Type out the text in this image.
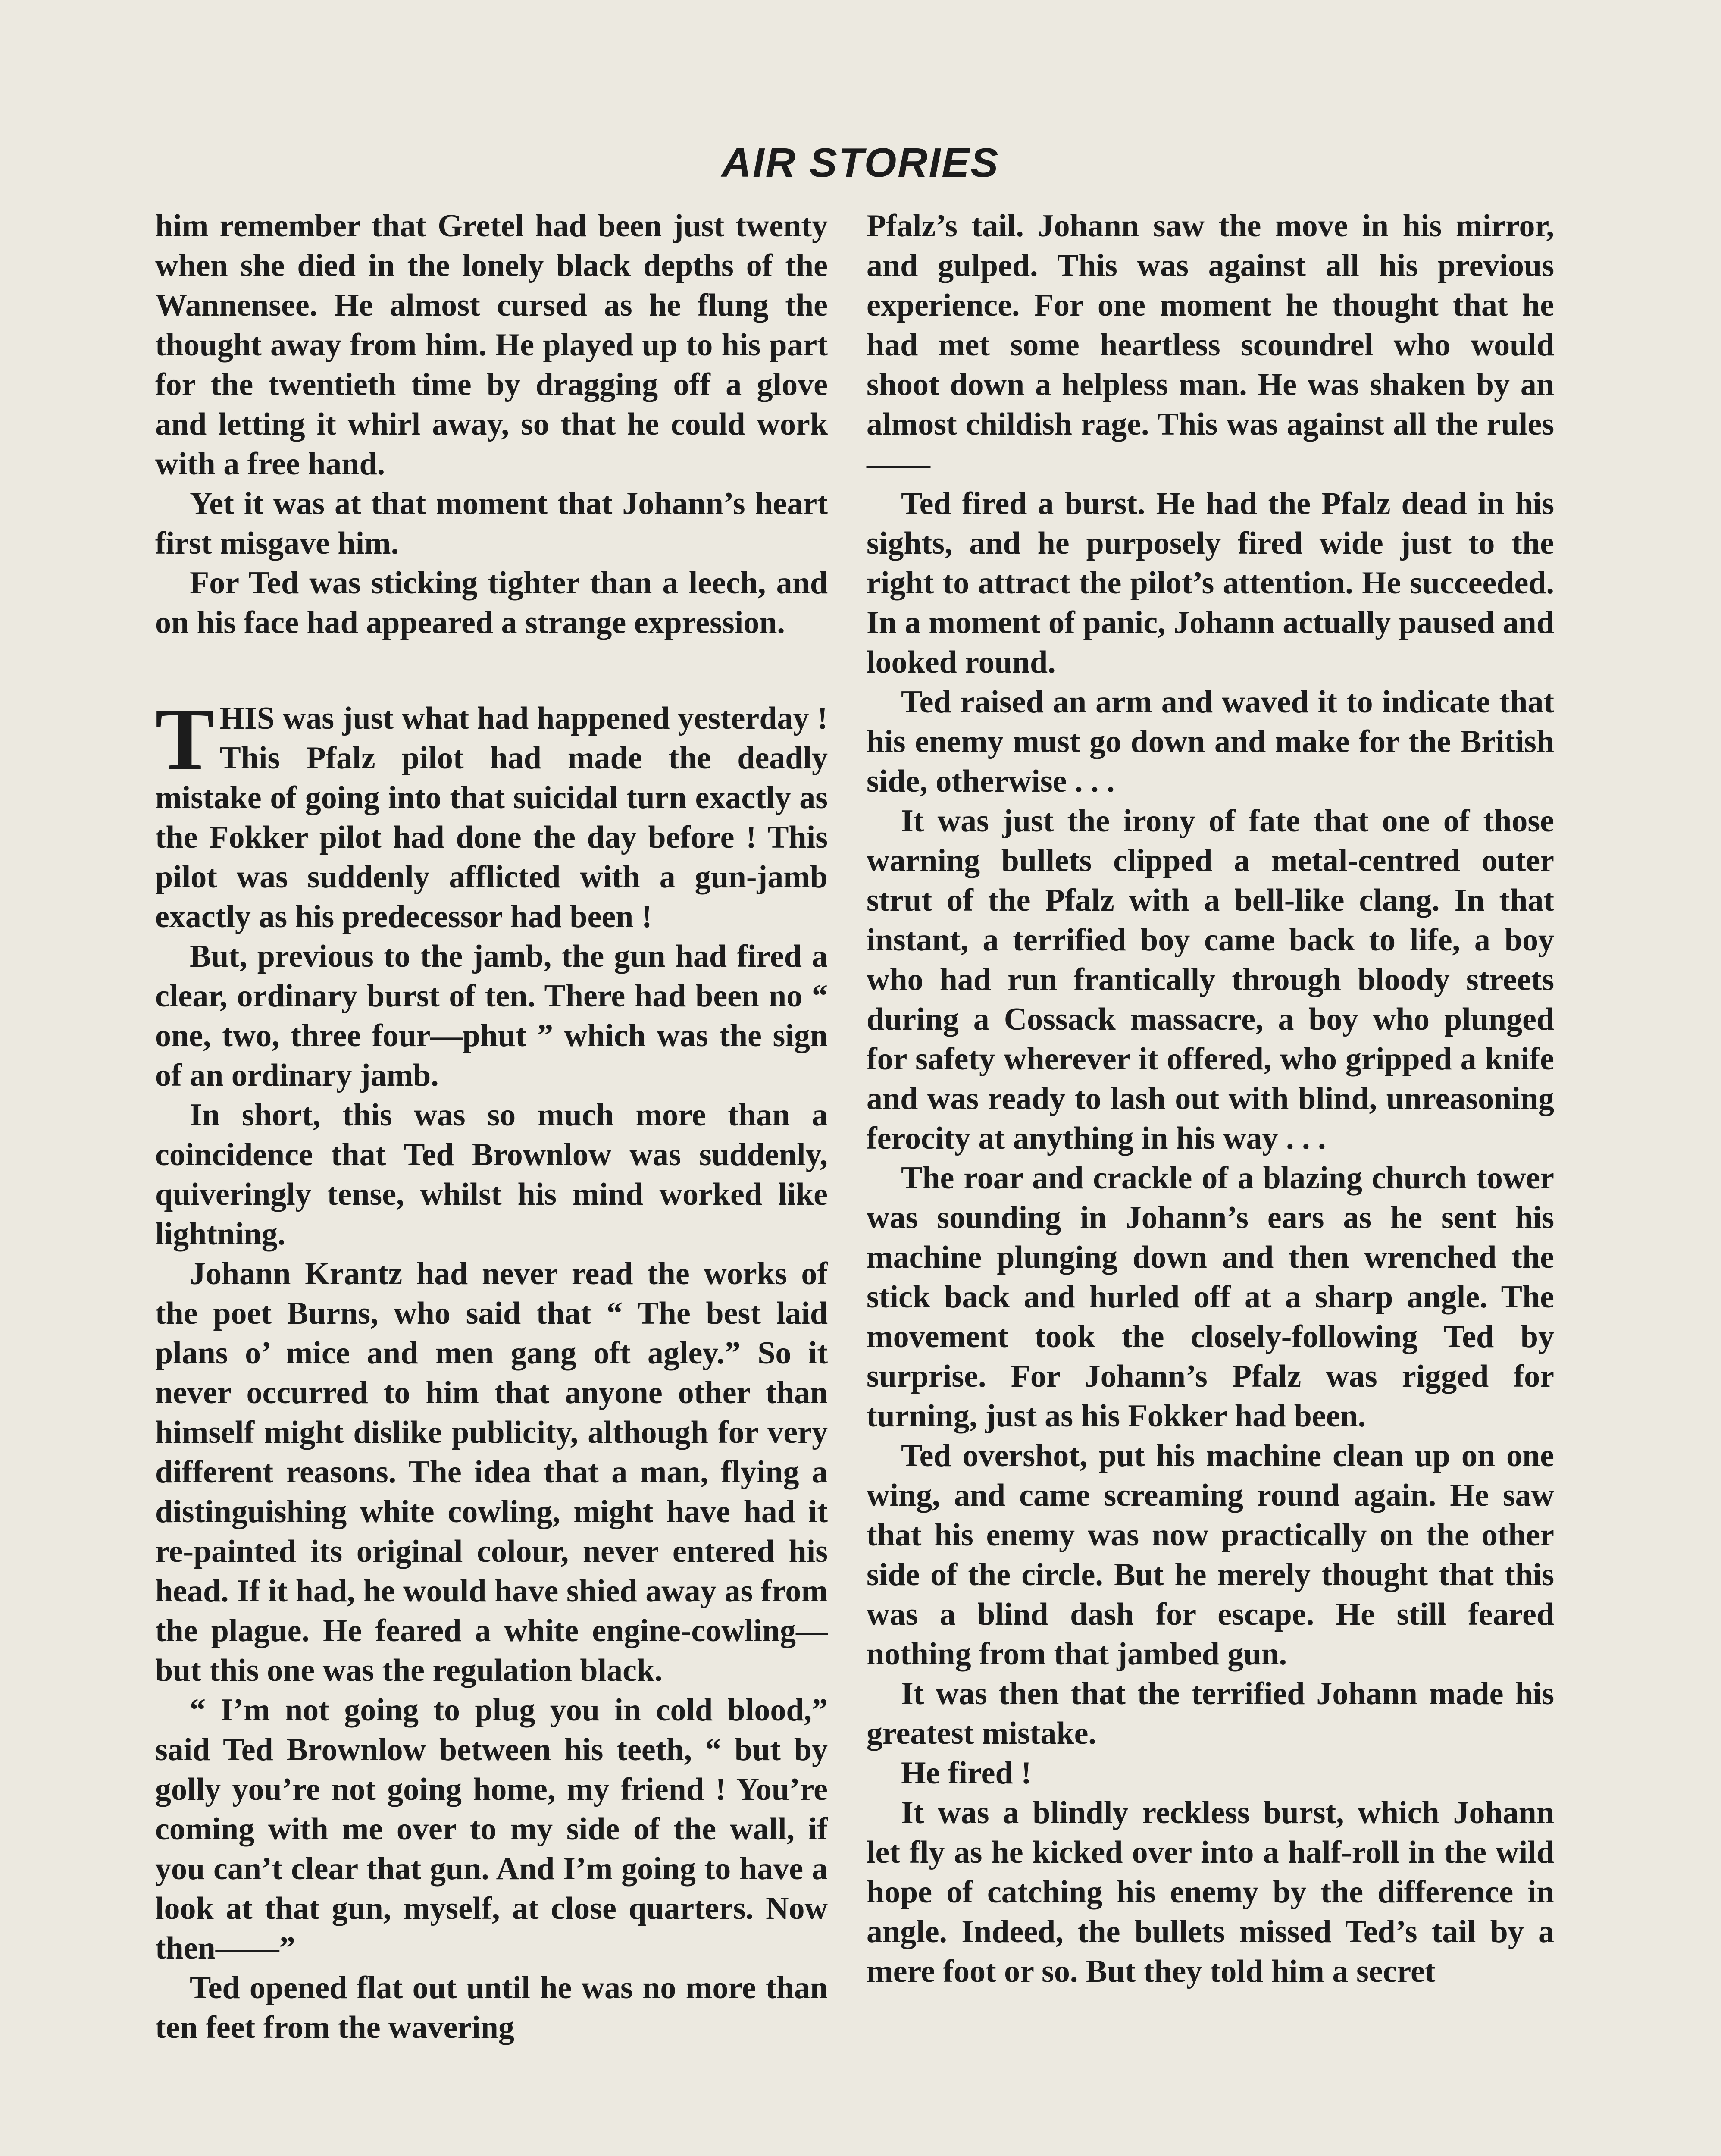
AIR STORIES

him remember that Gretel had been just twenty when she died in the lonely black depths of the Wannensee. He almost cursed as he flung the thought away from him. He played up to his part for the twentieth time by dragging off a glove and letting it whirl away, so that he could work with a free hand.

Yet it was at that moment that Johann’s heart first misgave him.

For Ted was sticking tighter than a leech, and on his face had appeared a strange expression.

THIS was just what had happened yesterday ! This Pfalz pilot had made the deadly mistake of going into that suicidal turn exactly as the Fokker pilot had done the day before ! This pilot was suddenly afflicted with a gun-jamb exactly as his predecessor had been !

But, previous to the jamb, the gun had fired a clear, ordinary burst of ten. There had been no “ one, two, three four—phut ” which was the sign of an ordinary jamb.

In short, this was so much more than a coincidence that Ted Brownlow was suddenly, quiveringly tense, whilst his mind worked like lightning.

Johann Krantz had never read the works of the poet Burns, who said that “ The best laid plans o’ mice and men gang oft agley.” So it never occurred to him that anyone other than himself might dislike publicity, although for very different reasons. The idea that a man, flying a distinguishing white cowling, might have had it re-painted its original colour, never entered his head. If it had, he would have shied away as from the plague. He feared a white engine-cowling—but this one was the regulation black.

“ I’m not going to plug you in cold blood,” said Ted Brownlow between his teeth, “ but by golly you’re not going home, my friend ! You’re coming with me over to my side of the wall, if you can’t clear that gun. And I’m going to have a look at that gun, myself, at close quarters. Now then——”

Ted opened flat out until he was no more than ten feet from the wavering

Pfalz’s tail. Johann saw the move in his mirror, and gulped. This was against all his previous experience. For one moment he thought that he had met some heartless scoundrel who would shoot down a helpless man. He was shaken by an almost childish rage. This was against all the rules——

Ted fired a burst. He had the Pfalz dead in his sights, and he purposely fired wide just to the right to attract the pilot’s attention. He succeeded. In a moment of panic, Johann actually paused and looked round.

Ted raised an arm and waved it to indicate that his enemy must go down and make for the British side, otherwise . . .

It was just the irony of fate that one of those warning bullets clipped a metal-centred outer strut of the Pfalz with a bell-like clang. In that instant, a terrified boy came back to life, a boy who had run frantically through bloody streets during a Cossack massacre, a boy who plunged for safety wherever it offered, who gripped a knife and was ready to lash out with blind, unreasoning ferocity at anything in his way . . .

The roar and crackle of a blazing church tower was sounding in Johann’s ears as he sent his machine plunging down and then wrenched the stick back and hurled off at a sharp angle. The movement took the closely-following Ted by surprise. For Johann’s Pfalz was rigged for turning, just as his Fokker had been.

Ted overshot, put his machine clean up on one wing, and came screaming round again. He saw that his enemy was now practically on the other side of the circle. But he merely thought that this was a blind dash for escape. He still feared nothing from that jambed gun.

It was then that the terrified Johann made his greatest mistake.

He fired !

It was a blindly reckless burst, which Johann let fly as he kicked over into a half-roll in the wild hope of catching his enemy by the difference in angle. Indeed, the bullets missed Ted’s tail by a mere foot or so. But they told him a secret
